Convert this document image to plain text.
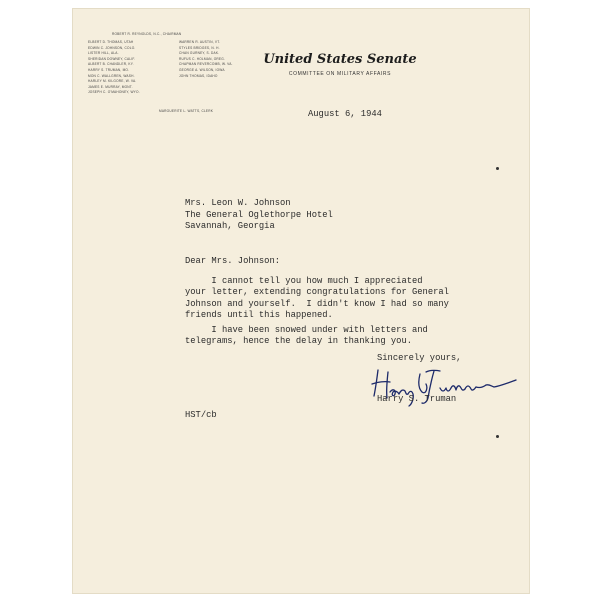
ROBERT R. REYNOLDS, N.C., CHAIRMAN
ELBERT D. THOMAS, UTAH
EDWIN C. JOHNSON, COLO.
LISTER HILL, ALA.
SHERIDAN DOWNEY, CALIF.
ALBERT B. CHANDLER, KY.
HARRY S. TRUMAN, MO.
MON C. WALLGREN, WASH.
HARLEY M. KILGORE, W. VA.
JAMES E. MURRAY, MONT.
JOSEPH C. O'MAHONEY, WYO.
WARREN R. AUSTIN, VT.
STYLES BRIDGES, N. H.
CHAN GURNEY, S. DAK.
RUFUS C. HOLMAN, OREG.
CHAPMAN REVERCOMB, W. VA.
GEORGE A. WILSON, IOWA
JOHN THOMAS, IDAHO
MARGUERITE L. WATTS, CLERK
United States Senate
COMMITTEE ON MILITARY AFFAIRS
August 6, 1944
Mrs. Leon W. Johnson
The General Oglethorpe Hotel
Savannah, Georgia
Dear Mrs. Johnson:
I cannot tell you how much I appreciated
your letter, extending congratulations for General
Johnson and yourself.  I didn't know I had so many
friends until this happened.
I have been snowed under with letters and
telegrams, hence the delay in thanking you.
Sincerely yours,
Harry S. Truman
HST/cb
